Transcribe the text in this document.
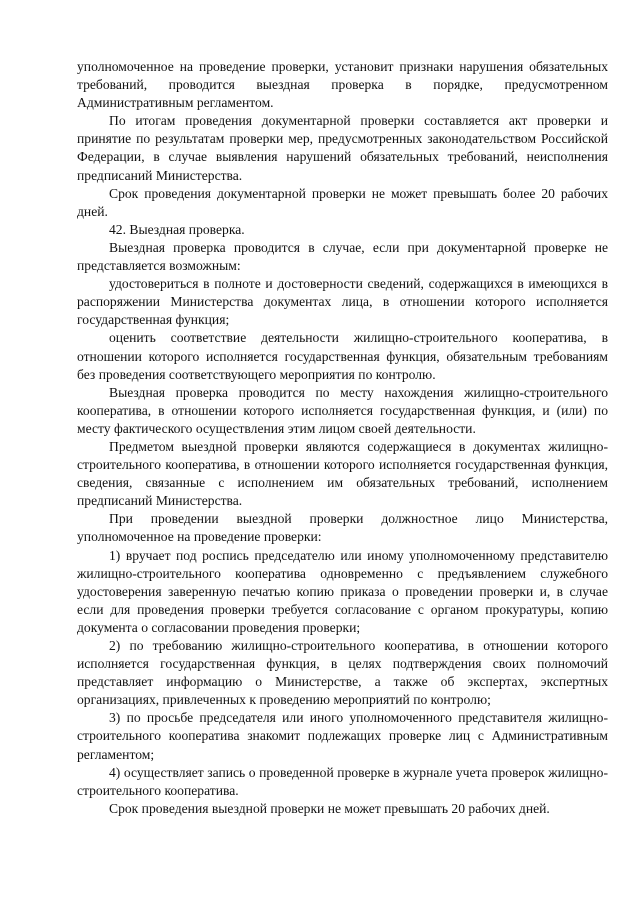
уполномоченное на проведение проверки, установит признаки нарушения обязательных требований, проводится выездная проверка в порядке, предусмотренном Административным регламентом.

По итогам проведения документарной проверки составляется акт проверки и принятие по результатам проверки мер, предусмотренных законодательством Российской Федерации, в случае выявления нарушений обязательных требований, неисполнения предписаний Министерства.

Срок проведения документарной проверки не может превышать более 20 рабочих дней.

42. Выездная проверка.

Выездная проверка проводится в случае, если при документарной проверке не представляется возможным:

удостовериться в полноте и достоверности сведений, содержащихся в имеющихся в распоряжении Министерства документах лица, в отношении которого исполняется государственная функция;

оценить соответствие деятельности жилищно-строительного кооператива, в отношении которого исполняется государственная функция, обязательным требованиям без проведения соответствующего мероприятия по контролю.

Выездная проверка проводится по месту нахождения жилищно-строительного кооператива, в отношении которого исполняется государственная функция, и (или) по месту фактического осуществления этим лицом своей деятельности.

Предметом выездной проверки являются содержащиеся в документах жилищно-строительного кооператива, в отношении которого исполняется государственная функция, сведения, связанные с исполнением им обязательных требований, исполнением предписаний Министерства.

При проведении выездной проверки должностное лицо Министерства, уполномоченное на проведение проверки:

1) вручает под роспись председателю или иному уполномоченному представителю жилищно-строительного кооператива одновременно с предъявлением служебного удостоверения заверенную печатью копию приказа о проведении проверки и, в случае если для проведения проверки требуется согласование с органом прокуратуры, копию документа о согласовании проведения проверки;

2) по требованию жилищно-строительного кооператива, в отношении которого исполняется государственная функция, в целях подтверждения своих полномочий представляет информацию о Министерстве, а также об экспертах, экспертных организациях, привлеченных к проведению мероприятий по контролю;

3) по просьбе председателя или иного уполномоченного представителя жилищно-строительного кооператива знакомит подлежащих проверке лиц с Административным регламентом;

4) осуществляет запись о проведенной проверке в журнале учета проверок жилищно-строительного кооператива.

Срок проведения выездной проверки не может превышать 20 рабочих дней.
